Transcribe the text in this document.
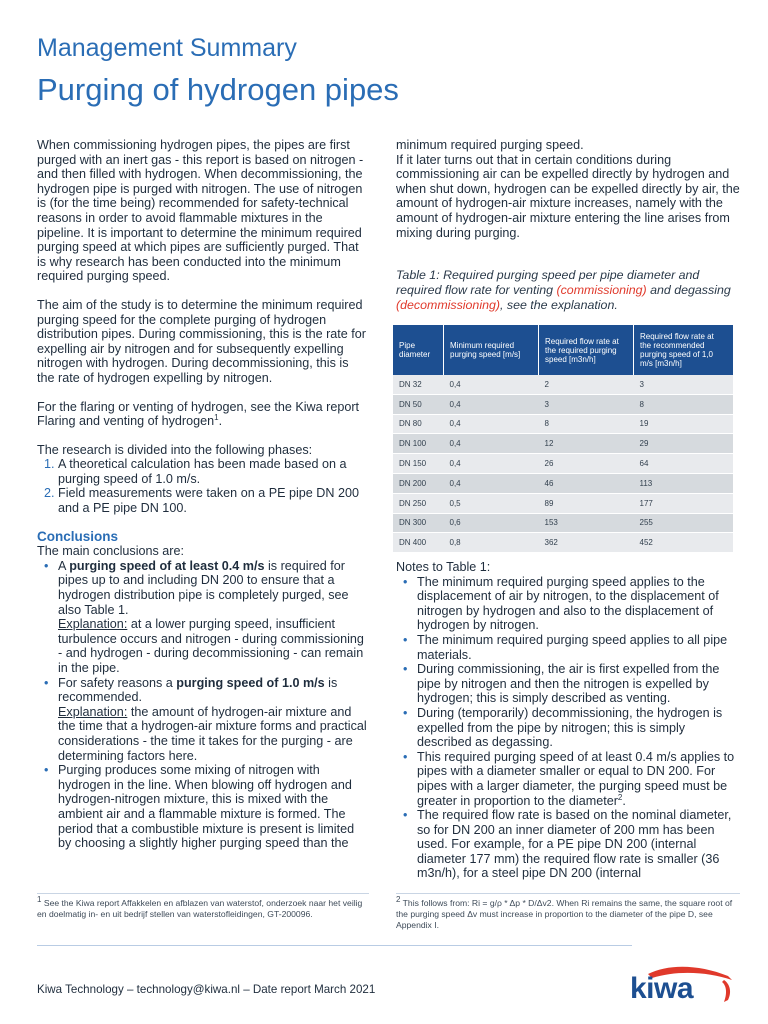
Management Summary
Purging of hydrogen pipes

When commissioning hydrogen pipes, the pipes are first purged with an inert gas - this report is based on nitrogen - and then filled with hydrogen. When decommissioning, the hydrogen pipe is purged with nitrogen. The use of nitrogen is (for the time being) recommended for safety-technical reasons in order to avoid flammable mixtures in the pipeline. It is important to determine the minimum required purging speed at which pipes are sufficiently purged. That is why research has been conducted into the minimum required purging speed.

The aim of the study is to determine the minimum required purging speed for the complete purging of hydrogen distribution pipes. During commissioning, this is the rate for expelling air by nitrogen and for subsequently expelling nitrogen with hydrogen. During decommissioning, this is the rate of hydrogen expelling by nitrogen.

For the flaring or venting of hydrogen, see the Kiwa report Flaring and venting of hydrogen$^1$.

The research is divided into the following phases:
1. A theoretical calculation has been made based on a purging speed of 1.0 m/s.
2. Field measurements were taken on a PE pipe DN 200 and a PE pipe DN 100.
Conclusions
The main conclusions are:
• A purging speed of at least 0.4 m/s is required for pipes up to and including DN 200 to ensure that a hydrogen distribution pipe is completely purged, see also Table 1.
Explanation: at a lower purging speed, insufficient turbulence occurs and nitrogen - during commissioning - and hydrogen - during decommissioning - can remain in the pipe.
• For safety reasons a purging speed of 1.0 m/s is recommended.
Explanation: the amount of hydrogen-air mixture and the time that a hydrogen-air mixture forms and practical considerations - the time it takes for the purging - are determining factors here.
• Purging produces some mixing of nitrogen with hydrogen in the line. When blowing off hydrogen and hydrogen-nitrogen mixture, this is mixed with the ambient air and a flammable mixture is formed. The period that a combustible mixture is present is limited by choosing a slightly higher purging speed than the
minimum required purging speed.
If it later turns out that in certain conditions during commissioning air can be expelled directly by hydrogen and when shut down, hydrogen can be expelled directly by air, the amount of hydrogen-air mixture increases, namely with the amount of hydrogen-air mixture entering the line arises from mixing during purging.
Table 1: Required purging speed per pipe diameter and required flow rate for venting (commissioning) and degassing (decommissioning), see the explanation.
Pipe diameter	Minimum required purging speed [m/s]	Required flow rate at the required purging speed [m3n/h]	Required flow rate at the recommended purging speed of 1,0 m/s [m3n/h]
DN 32	0,4	2	3
DN 50	0,4	3	8
DN 80	0,4	8	19
DN 100	0,4	12	29
DN 150	0,4	26	64
DN 200	0,4	46	113
DN 250	0,5	89	177
DN 300	0,6	153	255
DN 400	0,8	362	452
Notes to Table 1:
• The minimum required purging speed applies to the displacement of air by nitrogen, to the displacement of nitrogen by hydrogen and also to the displacement of hydrogen by nitrogen.
• The minimum required purging speed applies to all pipe materials.
• During commissioning, the air is first expelled from the pipe by nitrogen and then the nitrogen is expelled by hydrogen; this is simply described as venting.
• During (temporarily) decommissioning, the hydrogen is expelled from the pipe by nitrogen; this is simply described as degassing.
• This required purging speed of at least 0.4 m/s applies to pipes with a diameter smaller or equal to DN 200. For pipes with a larger diameter, the purging speed must be greater in proportion to the diameter$^2$.
• The required flow rate is based on the nominal diameter, so for DN 200 an inner diameter of 200 mm has been used. For example, for a PE pipe DN 200 (internal diameter 177 mm) the required flow rate is smaller (36 m3n/h), for a steel pipe DN 200 (internal
$^1$ See the Kiwa report Affakkelen en afblazen van waterstof, onderzoek naar het veilig en doelmatig in- en uit bedrijf stellen van waterstofleidingen, GT-200096.
$^2$ This follows from: Ri = g/ρ * Δp * D/Δv2. When Ri remains the same, the square root of the purging speed Δv must increase in proportion to the diameter of the pipe D, see Appendix I.
Kiwa Technology – technology@kiwa.nl – Date report March 2021	kiwa
